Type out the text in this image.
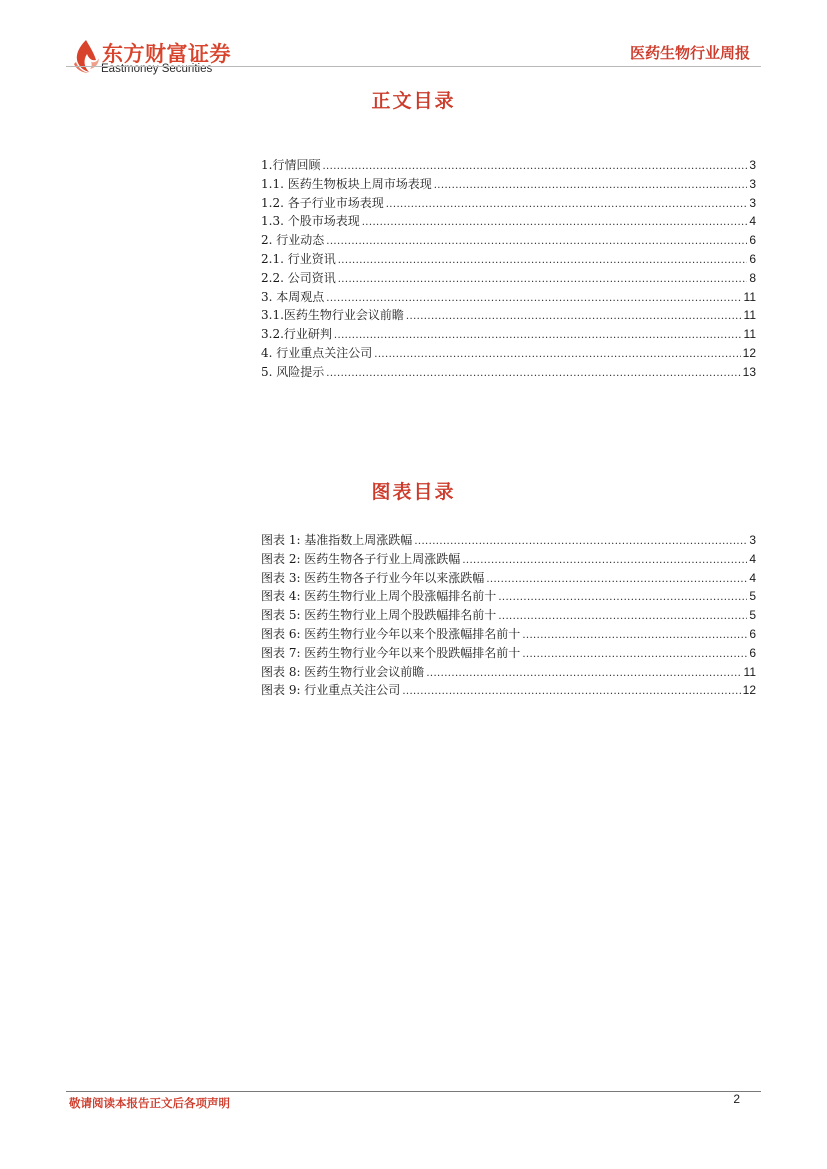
东方财富证券
Eastmoney Securities
医药生物行业周报
正文目录
1.行情回顾 .....	3
1.1. 医药生物板块上周市场表现 .....	3
1.2. 各子行业市场表现 .....	3
1.3. 个股市场表现 .....	4
2. 行业动态 .....	6
2.1. 行业资讯 .....	6
2.2. 公司资讯 .....	8
3. 本周观点 .....	11
3.1.医药生物行业会议前瞻 .....	11
3.2.行业研判 .....	11
4. 行业重点关注公司 .....	12
5. 风险提示 .....	13
图表目录
图表 1: 基准指数上周涨跌幅 .....	3
图表 2: 医药生物各子行业上周涨跌幅 .....	4
图表 3: 医药生物各子行业今年以来涨跌幅 .....	4
图表 4: 医药生物行业上周个股涨幅排名前十 .....	5
图表 5: 医药生物行业上周个股跌幅排名前十 .....	5
图表 6: 医药生物行业今年以来个股涨幅排名前十 .....	6
图表 7: 医药生物行业今年以来个股跌幅排名前十 .....	6
图表 8: 医药生物行业会议前瞻 .....	11
图表 9: 行业重点关注公司 .....	12
敬请阅读本报告正文后各项声明	2
